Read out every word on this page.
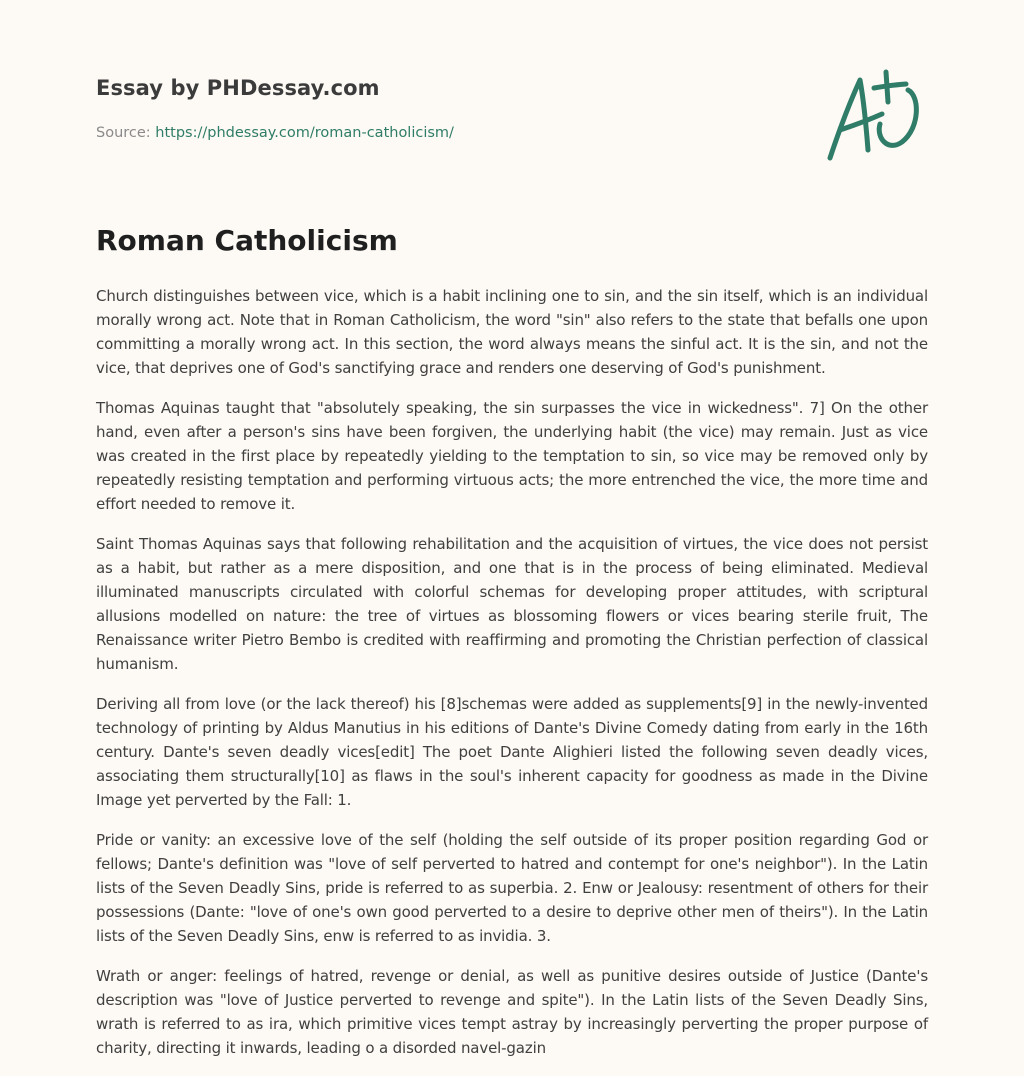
Essay by PHDessay.com
Source: https://phdessay.com/roman-catholicism/
Roman Catholicism

Church distinguishes between vice, which is a habit inclining one to sin, and the sin itself, which is an individual morally wrong act. Note that in Roman Catholicism, the word "sin" also refers to the state that befalls one upon committing a morally wrong act. In this section, the word always means the sinful act. It is the sin, and not the vice, that deprives one of God's sanctifying grace and renders one deserving of God's punishment.

Thomas Aquinas taught that "absolutely speaking, the sin surpasses the vice in wickedness". 7] On the other hand, even after a person's sins have been forgiven, the underlying habit (the vice) may remain. Just as vice was created in the first place by repeatedly yielding to the temptation to sin, so vice may be removed only by repeatedly resisting temptation and performing virtuous acts; the more entrenched the vice, the more time and effort needed to remove it.

Saint Thomas Aquinas says that following rehabilitation and the acquisition of virtues, the vice does not persist as a habit, but rather as a mere disposition, and one that is in the process of being eliminated. Medieval illuminated manuscripts circulated with colorful schemas for developing proper attitudes, with scriptural allusions modelled on nature: the tree of virtues as blossoming flowers or vices bearing sterile fruit, The Renaissance writer Pietro Bembo is credited with reaffirming and promoting the Christian perfection of classical humanism.

Deriving all from love (or the lack thereof) his [8]schemas were added as supplements[9] in the newly-invented technology of printing by Aldus Manutius in his editions of Dante's Divine Comedy dating from early in the 16th century. Dante's seven deadly vices[edit] The poet Dante Alighieri listed the following seven deadly vices, associating them structurally[10] as flaws in the soul's inherent capacity for goodness as made in the Divine Image yet perverted by the Fall: 1.

Pride or vanity: an excessive love of the self (holding the self outside of its proper position regarding God or fellows; Dante's definition was "love of self perverted to hatred and contempt for one's neighbor"). In the Latin lists of the Seven Deadly Sins, pride is referred to as superbia. 2. Enw or Jealousy: resentment of others for their possessions (Dante: "love of one's own good perverted to a desire to deprive other men of theirs"). In the Latin lists of the Seven Deadly Sins, enw is referred to as invidia. 3.

Wrath or anger: feelings of hatred, revenge or denial, as well as punitive desires outside of Justice (Dante's description was "love of Justice perverted to revenge and spite"). In the Latin lists of the Seven Deadly Sins, wrath is referred to as ira, which primitive vices tempt astray by increasingly perverting the proper purpose of charity, directing it inwards, leading o a disorded navel-gazin
